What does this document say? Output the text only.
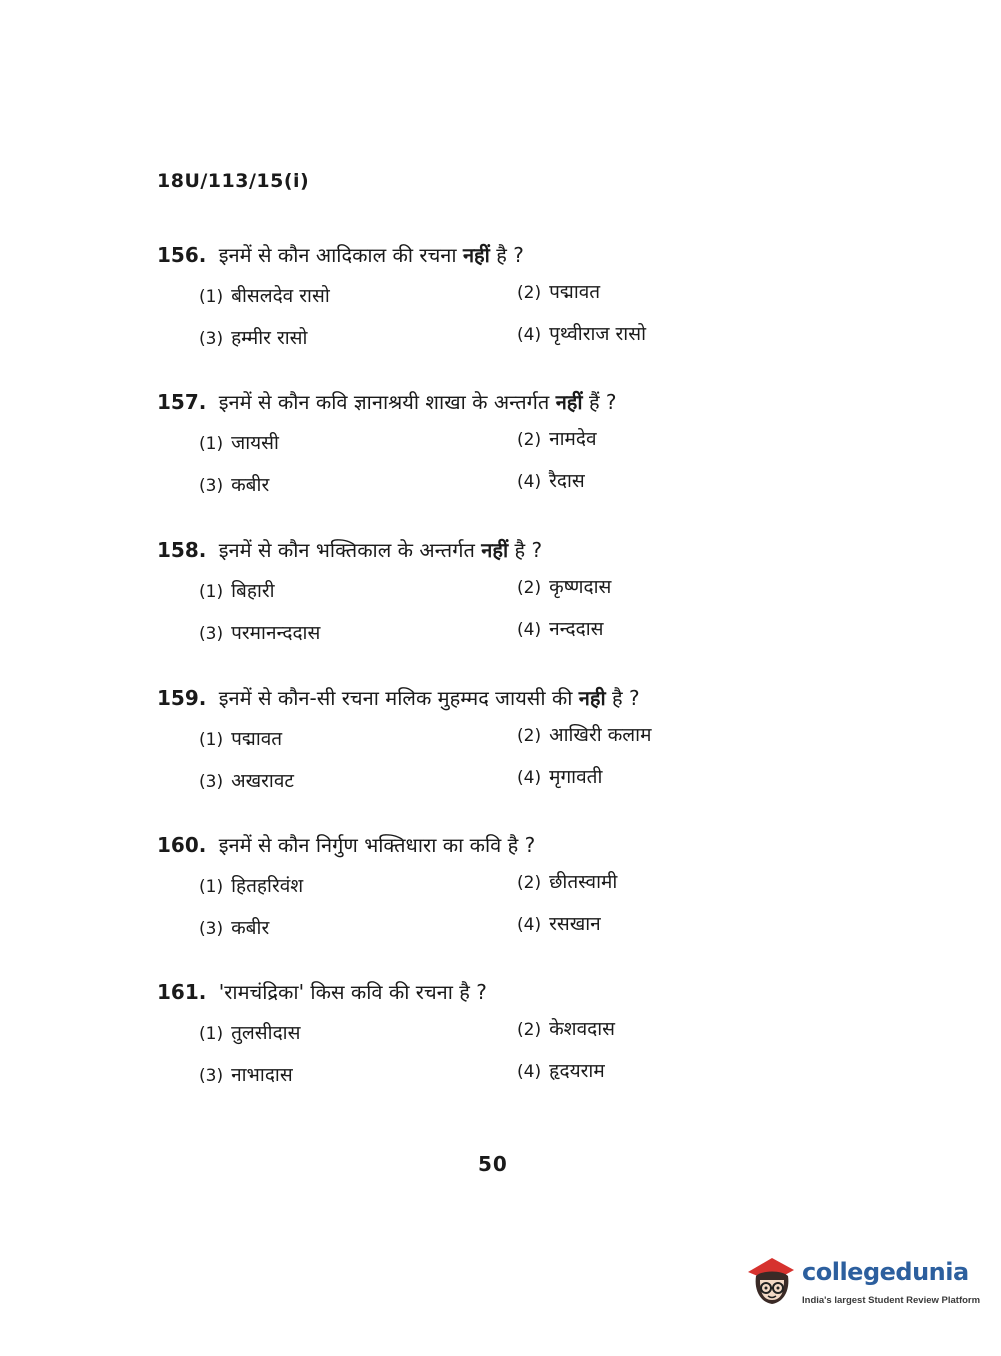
18U/113/15(i)
156. इनमें से कौन आदिकाल की रचना नहीं है ?
(1) बीसलदेव रासो	(2) पद्मावत
(3) हम्मीर रासो	(4) पृथ्वीराज रासो
157. इनमें से कौन कवि ज्ञानाश्रयी शाखा के अन्तर्गत नहीं हैं ?
(1) जायसी	(2) नामदेव
(3) कबीर	(4) रैदास
158. इनमें से कौन भक्तिकाल के अन्तर्गत नहीं है ?
(1) बिहारी	(2) कृष्णदास
(3) परमानन्ददास	(4) नन्ददास
159. इनमें से कौन-सी रचना मलिक मुहम्मद जायसी की नही है ?
(1) पद्मावत	(2) आखिरी कलाम
(3) अखरावट	(4) मृगावती
160. इनमें से कौन निर्गुण भक्तिधारा का कवि है ?
(1) हितहरिवंश	(2) छीतस्वामी
(3) कबीर	(4) रसखान
161. 'रामचंद्रिका' किस कवि की रचना है ?
(1) तुलसीदास	(2) केशवदास
(3) नाभादास	(4) हृदयराम
50
collegedunia
India's largest Student Review Platform
